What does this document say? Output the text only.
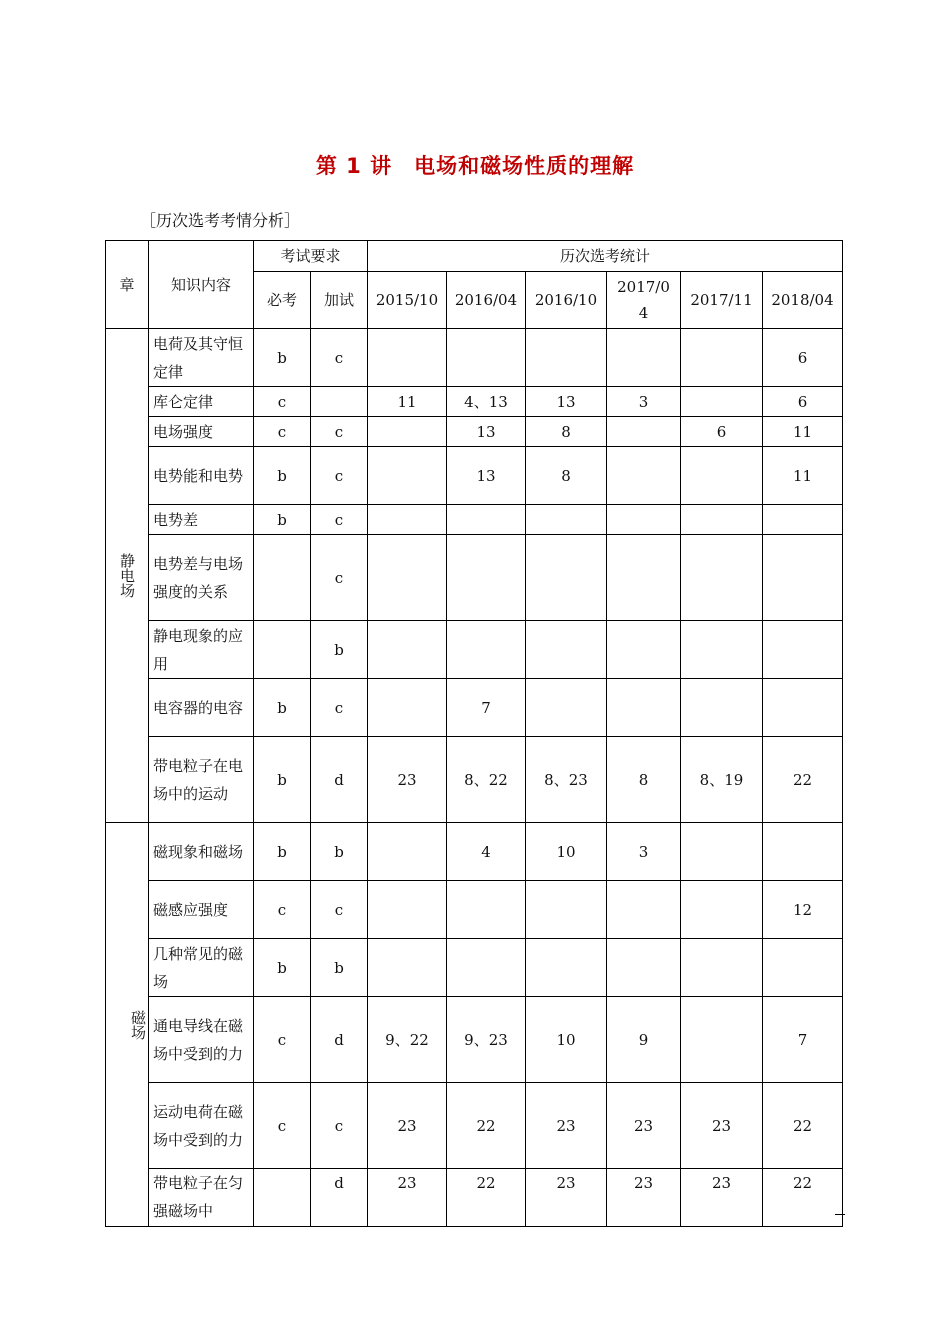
第 1 讲　电场和磁场性质的理解
［历次选考考情分析］
章	知识内容	考试要求		历次选考统计					
		必考	加试	2015/10	2016/04	2016/10	2017/04	2017/11	2018/04
静电场	电荷及其守恒定律	b	c						6
	库仑定律	c		11	4、13	13	3		6
	电场强度	c	c		13	8		6	11
	电势能和电势	b	c		13	8			11
	电势差	b	c						
	电势差与电场强度的关系		c						
	静电现象的应用		b						
	电容器的电容	b	c		7				
	带电粒子在电场中的运动	b	d	23	8、22	8、23	8	8、19	22
磁场	磁现象和磁场	b	b		4	10	3		
	磁感应强度	c	c						12
	几种常见的磁场	b	b						
	通电导线在磁场中受到的力	c	d	9、22	9、23	10	9		7
	运动电荷在磁场中受到的力	c	c	23	22	23	23	23	22
	带电粒子在匀强磁场中		d	23	22	23	23	23	22
